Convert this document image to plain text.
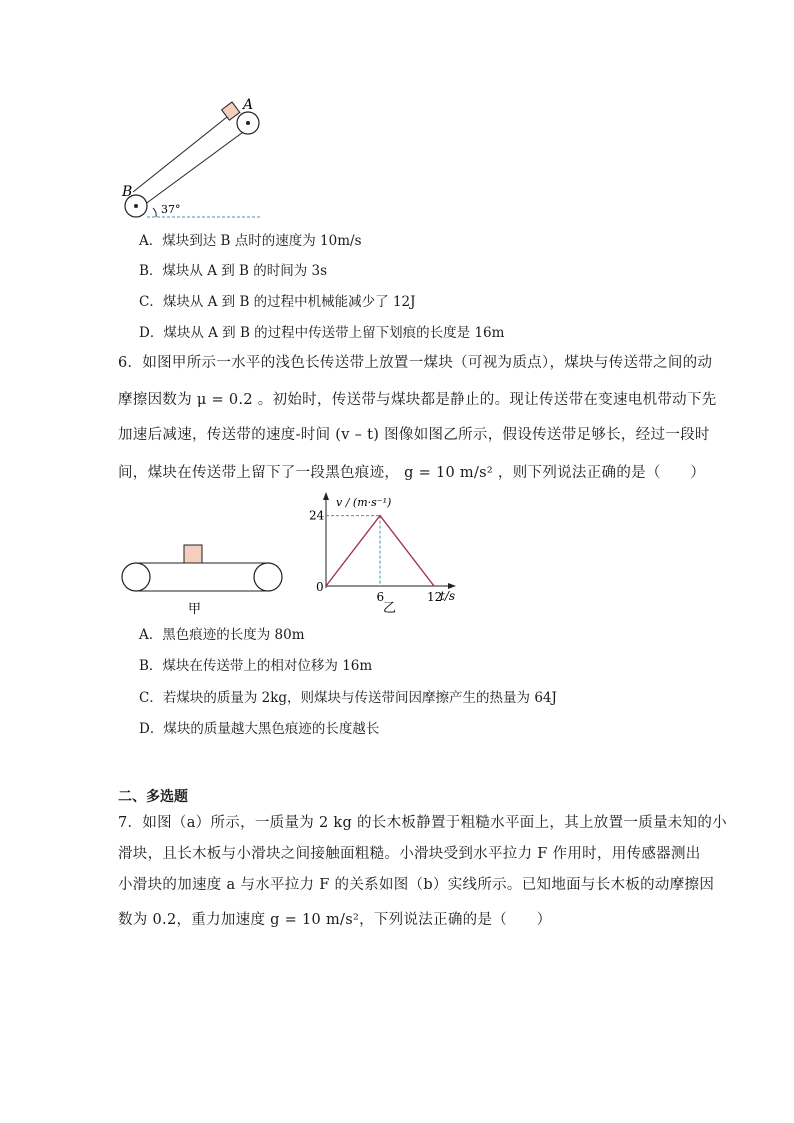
A
B
37°
A．煤块到达 B 点时的速度为 10m/s
B．煤块从 A 到 B 的时间为 3s
C．煤块从 A 到 B 的过程中机械能减少了 12J
D．煤块从 A 到 B 的过程中传送带上留下划痕的长度是 16m
6．如图甲所示一水平的浅色长传送带上放置一煤块（可视为质点），煤块与传送带之间的动
摩擦因数为 μ = 0.2 。初始时，传送带与煤块都是静止的。现让传送带在变速电机带动下先
加速后减速，传送带的速度-时间 (v – t) 图像如图乙所示，假设传送带足够长，经过一段时
间，煤块在传送带上留下了一段黑色痕迹， g = 10 m/s² ，则下列说法正确的是（　　）
甲
v / (m·s⁻¹)
t/s
0
乙
24
6	12
A．黑色痕迹的长度为 80m
B．煤块在传送带上的相对位移为 16m
C．若煤块的质量为 2kg，则煤块与传送带间因摩擦产生的热量为 64J
D．煤块的质量越大黑色痕迹的长度越长
二、多选题
7．如图（a）所示，一质量为 2 kg 的长木板静置于粗糙水平面上，其上放置一质量未知的小
滑块，且长木板与小滑块之间接触面粗糙。小滑块受到水平拉力 F 作用时，用传感器测出
小滑块的加速度 a 与水平拉力 F 的关系如图（b）实线所示。已知地面与长木板的动摩擦因
数为 0.2，重力加速度 g = 10 m/s²，下列说法正确的是（　　）
